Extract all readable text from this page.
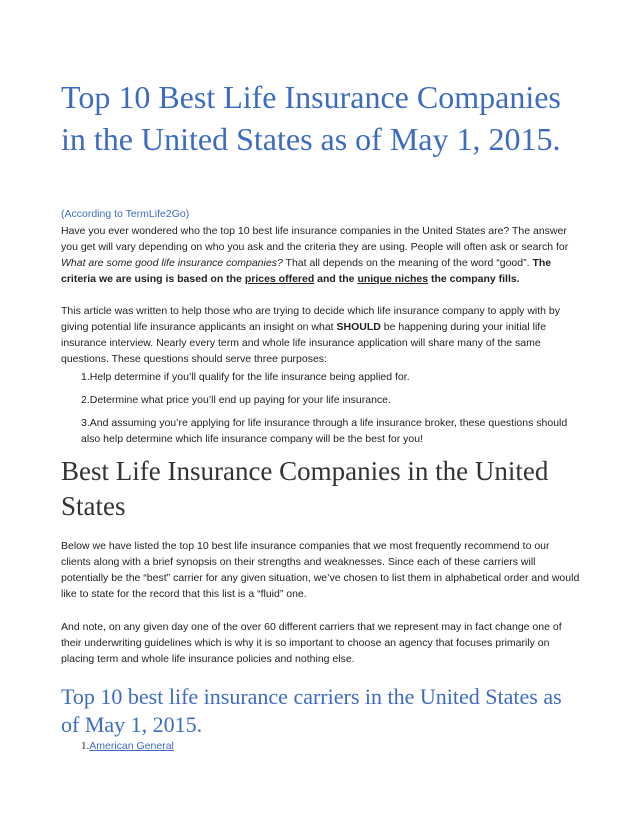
Top 10 Best Life Insurance Companies in the United States as of May 1, 2015.
(According to TermLife2Go)

Have you ever wondered who the top 10 best life insurance companies in the United States are? The answer you get will vary depending on who you ask and the criteria they are using. People will often ask or search for What are some good life insurance companies? That all depends on the meaning of the word “good”. The criteria we are using is based on the prices offered and the unique niches the company fills.

This article was written to help those who are trying to decide which life insurance company to apply with by giving potential life insurance applicants an insight on what SHOULD be happening during your initial life insurance interview. Nearly every term and whole life insurance application will share many of the same questions. These questions should serve three purposes:

1.Help determine if you’ll qualify for the life insurance being applied for.

2.Determine what price you’ll end up paying for your life insurance.

3.And assuming you’re applying for life insurance through a life insurance broker, these questions should also help determine which life insurance company will be the best for you!

Best Life Insurance Companies in the United States

Below we have listed the top 10 best life insurance companies that we most frequently recommend to our clients along with a brief synopsis on their strengths and weaknesses. Since each of these carriers will potentially be the “best” carrier for any given situation, we’ve chosen to list them in alphabetical order and would like to state for the record that this list is a “fluid” one.

And note, on any given day one of the over 60 different carriers that we represent may in fact change one of their underwriting guidelines which is why it is so important to choose an agency that focuses primarily on placing term and whole life insurance policies and nothing else.

Top 10 best life insurance carriers in the United States as of May 1, 2015.
1.American General
